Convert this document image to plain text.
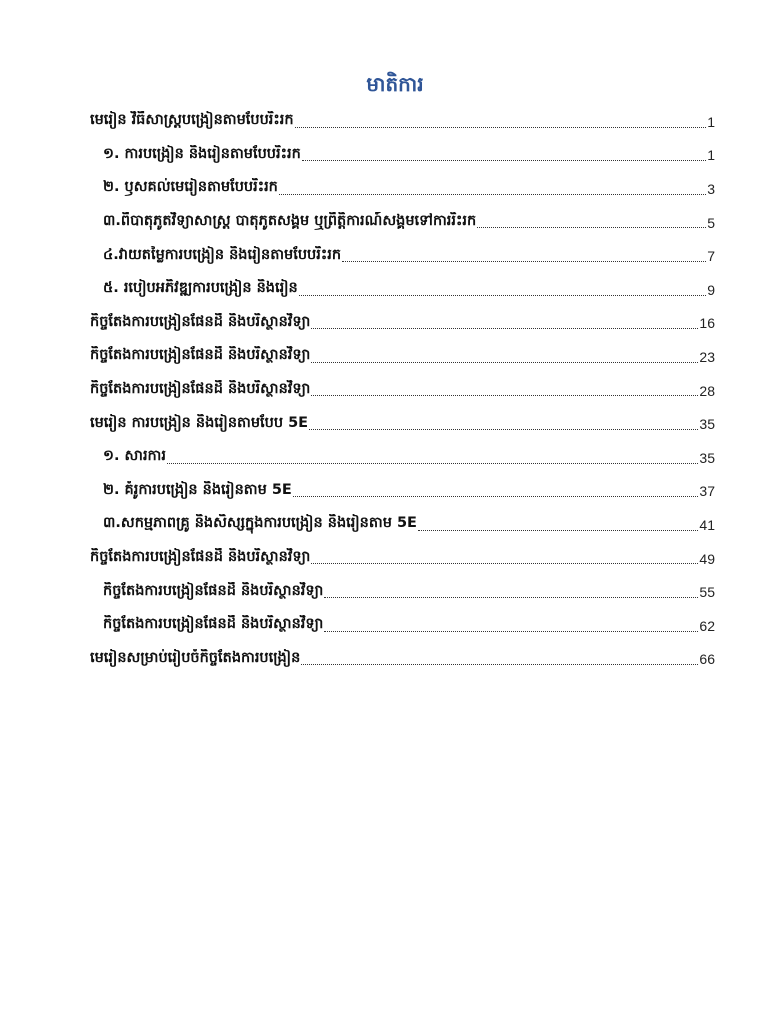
មាតិការ
មេរៀន វិធីសាស្រ្តបង្រៀនតាមបែបរិះរក	1
១. ការបង្រៀន និងរៀនតាមបែបរិះរក	1
២. ឫសគល់មេរៀនតាមបែបរិះរក	3
៣.ពីបាតុភូតវិទ្យាសាស្ត្រ បាតុភូតសង្គម ឬព្រឹត្តិការណ៍សង្គមទៅការរិះរក	5
៤.វាយតម្លៃការបង្រៀន និងរៀនតាមបែបរិះរក	7
៥. របៀបអភិវឌ្ឍការបង្រៀន និងរៀន	9
កិច្ចតែងការបង្រៀនផែនដី និងបរិស្ថានវិទ្យា	16
កិច្ចតែងការបង្រៀនផែនដី និងបរិស្ថានវិទ្យា	23
កិច្ចតែងការបង្រៀនផែនដី និងបរិស្ថានវិទ្យា	28
មេរៀន ការបង្រៀន និងរៀនតាមបែប 5E	35
១. សារការ	35
២. គំរូការបង្រៀន និងរៀនតាម 5E	37
៣.សកម្មភាពគ្រូ និងសិស្សក្នុងការបង្រៀន និងរៀនតាម 5E	41
កិច្ចតែងការបង្រៀនផែនដី និងបរិស្ថានវិទ្យា	49
កិច្ចតែងការបង្រៀនផែនដី និងបរិស្ថានវិទ្យា	55
កិច្ចតែងការបង្រៀនផែនដី និងបរិស្ថានវិទ្យា	62
មេរៀនសម្រាប់រៀបចំកិច្ចតែងការបង្រៀន	66
